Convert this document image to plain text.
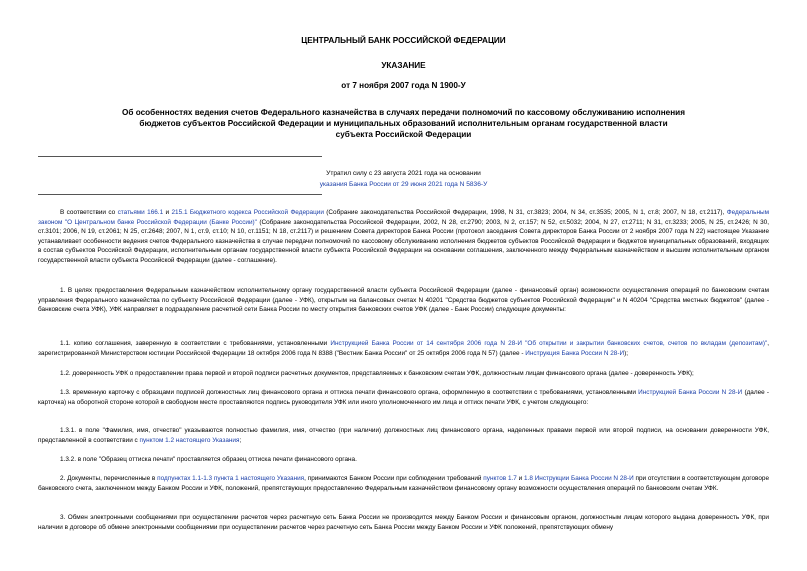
ЦЕНТРАЛЬНЫЙ БАНК РОССИЙСКОЙ ФЕДЕРАЦИИ
УКАЗАНИЕ
от 7 ноября 2007 года N 1900-У
Об особенностях ведения счетов Федерального казначейства в случаях передачи полномочий по кассовому обслуживанию исполнения бюджетов субъектов Российской Федерации и муниципальных образований исполнительным органам государственной власти субъекта Российской Федерации
Утратил силу с 23 августа 2021 года на основании
указания Банка России от 29 июня 2021 года N 5836-У

В соответствии со статьями 166.1 и 215.1 Бюджетного кодекса Российской Федерации (Собрание законодательства Российской Федерации, 1998, N 31, ст.3823; 2004, N 34, ст.3535; 2005, N 1, ст.8; 2007, N 18, ст.2117), Федеральным законом "О Центральном банке Российской Федерации (Банке России)" (Собрание законодательства Российской Федерации, 2002, N 28, ст.2790; 2003, N 2, ст.157; N 52, ст.5032; 2004, N 27, ст.2711; N 31, ст.3233; 2005, N 25, ст.2426; N 30, ст.3101; 2006, N 19, ст.2061; N 25, ст.2648; 2007, N 1, ст.9, ст.10; N 10, ст.1151; N 18, ст.2117) и решением Совета директоров Банка России (протокол заседания Совета директоров Банка России от 2 ноября 2007 года N 22) настоящее Указание устанавливает особенности ведения счетов Федерального казначейства в случае передачи полномочий по кассовому обслуживанию исполнения бюджетов субъектов Российской Федерации и бюджетов муниципальных образований, входящих в состав субъектов Российской Федерации, исполнительным органам государственной власти субъекта Российской Федерации на основании соглашения, заключенного между Федеральным казначейством и высшим исполнительным органом государственной власти субъекта Российской Федерации (далее - соглашение).

1. В целях предоставления Федеральным казначейством исполнительному органу государственной власти субъекта Российской Федерации (далее - финансовый орган) возможности осуществления операций по банковским счетам управления Федерального казначейства по субъекту Российской Федерации (далее - УФК), открытым на балансовых счетах N 40201 "Средства бюджетов субъектов Российской Федерации" и N 40204 "Средства местных бюджетов" (далее - банковские счета УФК), УФК направляет в подразделение расчетной сети Банка России по месту открытия банковских счетов УФК (далее - Банк России) следующие документы:

1.1. копию соглашения, заверенную в соответствии с требованиями, установленными Инструкцией Банка России от 14 сентября 2006 года N 28-И "Об открытии и закрытии банковских счетов, счетов по вкладам (депозитам)", зарегистрированной Министерством юстиции Российской Федерации 18 октября 2006 года N 8388 ("Вестник Банка России" от 25 октября 2006 года N 57) (далее - Инструкция Банка России N 28-И);

1.2. доверенность УФК о предоставлении права первой и второй подписи расчетных документов, представляемых к банковским счетам УФК, должностным лицам финансового органа (далее - доверенность УФК);

1.3. временную карточку с образцами подписей должностных лиц финансового органа и оттиска печати финансового органа, оформленную в соответствии с требованиями, установленными Инструкцией Банка России N 28-И (далее - карточка) на оборотной стороне которой в свободном месте проставляются подпись руководителя УФК или иного уполномоченного им лица и оттиск печати УФК, с учетом следующего:

1.3.1. в поле "Фамилия, имя, отчество" указываются полностью фамилия, имя, отчество (при наличии) должностных лиц финансового органа, наделенных правами первой или второй подписи, на основании доверенности УФК, представленной в соответствии с пунктом 1.2 настоящего Указания;

1.3.2. в поле "Образец оттиска печати" проставляется образец оттиска печати финансового органа.

2. Документы, перечисленные в подпунктах 1.1-1.3 пункта 1 настоящего Указания, принимаются Банком России при соблюдении требований пунктов 1.7 и 1.8 Инструкции Банка России N 28-И при отсутствии в соответствующем договоре банковского счета, заключенном между Банком России и УФК, положений, препятствующих предоставлению Федеральным казначейством финансовому органу возможности осуществления операций по банковским счетам УФК.

3. Обмен электронными сообщениями при осуществлении расчетов через расчетную сеть Банка России не производится между Банком России и финансовым органом, должностным лицам которого выдана доверенность УФК, при наличии в договоре об обмене электронными сообщениями при осуществлении расчетов через расчетную сеть Банка России между Банком России и УФК положений, препятствующих обмену
